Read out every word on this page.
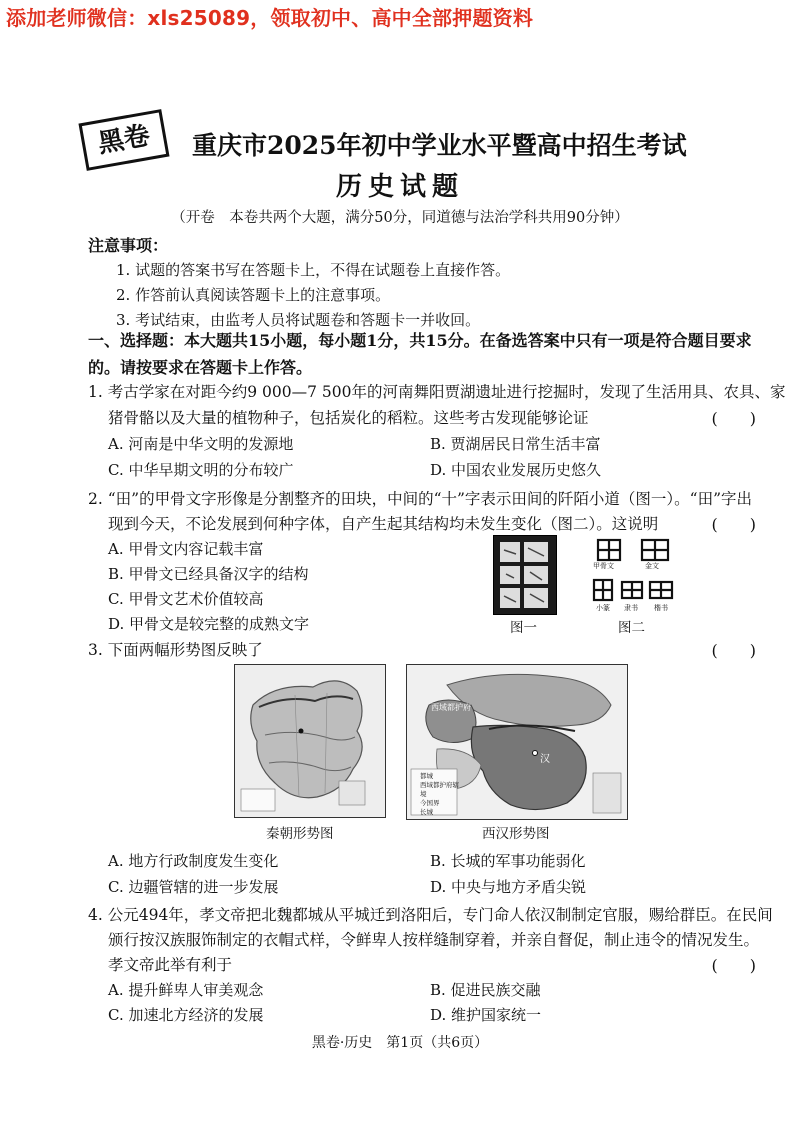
添加老师微信：xls25089，领取初中、高中全部押题资料
黑卷	重庆市2025年初中学业水平暨高中招生考试
历史试题
（开卷　本卷共两个大题，满分50分，同道德与法治学科共用90分钟）
注意事项：
1. 试题的答案书写在答题卡上，不得在试题卷上直接作答。
2. 作答前认真阅读答题卡上的注意事项。
3. 考试结束，由监考人员将试题卷和答题卡一并收回。
一、选择题：本大题共15小题，每小题1分，共15分。在备选答案中只有一项是符合题目要求的。请按要求在答题卡上作答。
1. 考古学家在对距今约9 000—7 500年的河南舞阳贾湖遗址进行挖掘时，发现了生活用具、农具、家
猪骨骼以及大量的植物种子，包括炭化的稻粒。这些考古发现能够论证	(　　)
A. 河南是中华文明的发源地	B. 贾湖居民日常生活丰富
C. 中华早期文明的分布较广	D. 中国农业发展历史悠久
2. “田”的甲骨文字形像是分割整齐的田块，中间的“十”字表示田间的阡陌小道（图一）。“田”字出
现到今天，不论发展到何种字体，自产生起其结构均未发生变化（图二）。这说明	(　　)
A. 甲骨文内容记载丰富
B. 甲骨文已经具备汉字的结构
C. 甲骨文艺术价值较高
D. 甲骨文是较完整的成熟文字	图一
甲骨文	金文
小篆 隶书 楷书
图二
3. 下面两幅形势图反映了	(　　)
秦朝形势图
西域都护府
汉
都城
西域都护府辖境
今国界
长城
西汉形势图
A. 地方行政制度发生变化	B. 长城的军事功能弱化
C. 边疆管辖的进一步发展	D. 中央与地方矛盾尖锐
4. 公元494年，孝文帝把北魏都城从平城迁到洛阳后，专门命人依汉制制定官服，赐给群臣。在民间
颁行按汉族服饰制定的衣帽式样，令鲜卑人按样缝制穿着，并亲自督促，制止违令的情况发生。
孝文帝此举有利于	(　　)
A. 提升鲜卑人审美观念	B. 促进民族交融
C. 加速北方经济的发展	D. 维护国家统一
黑卷·历史　第1页（共6页）
